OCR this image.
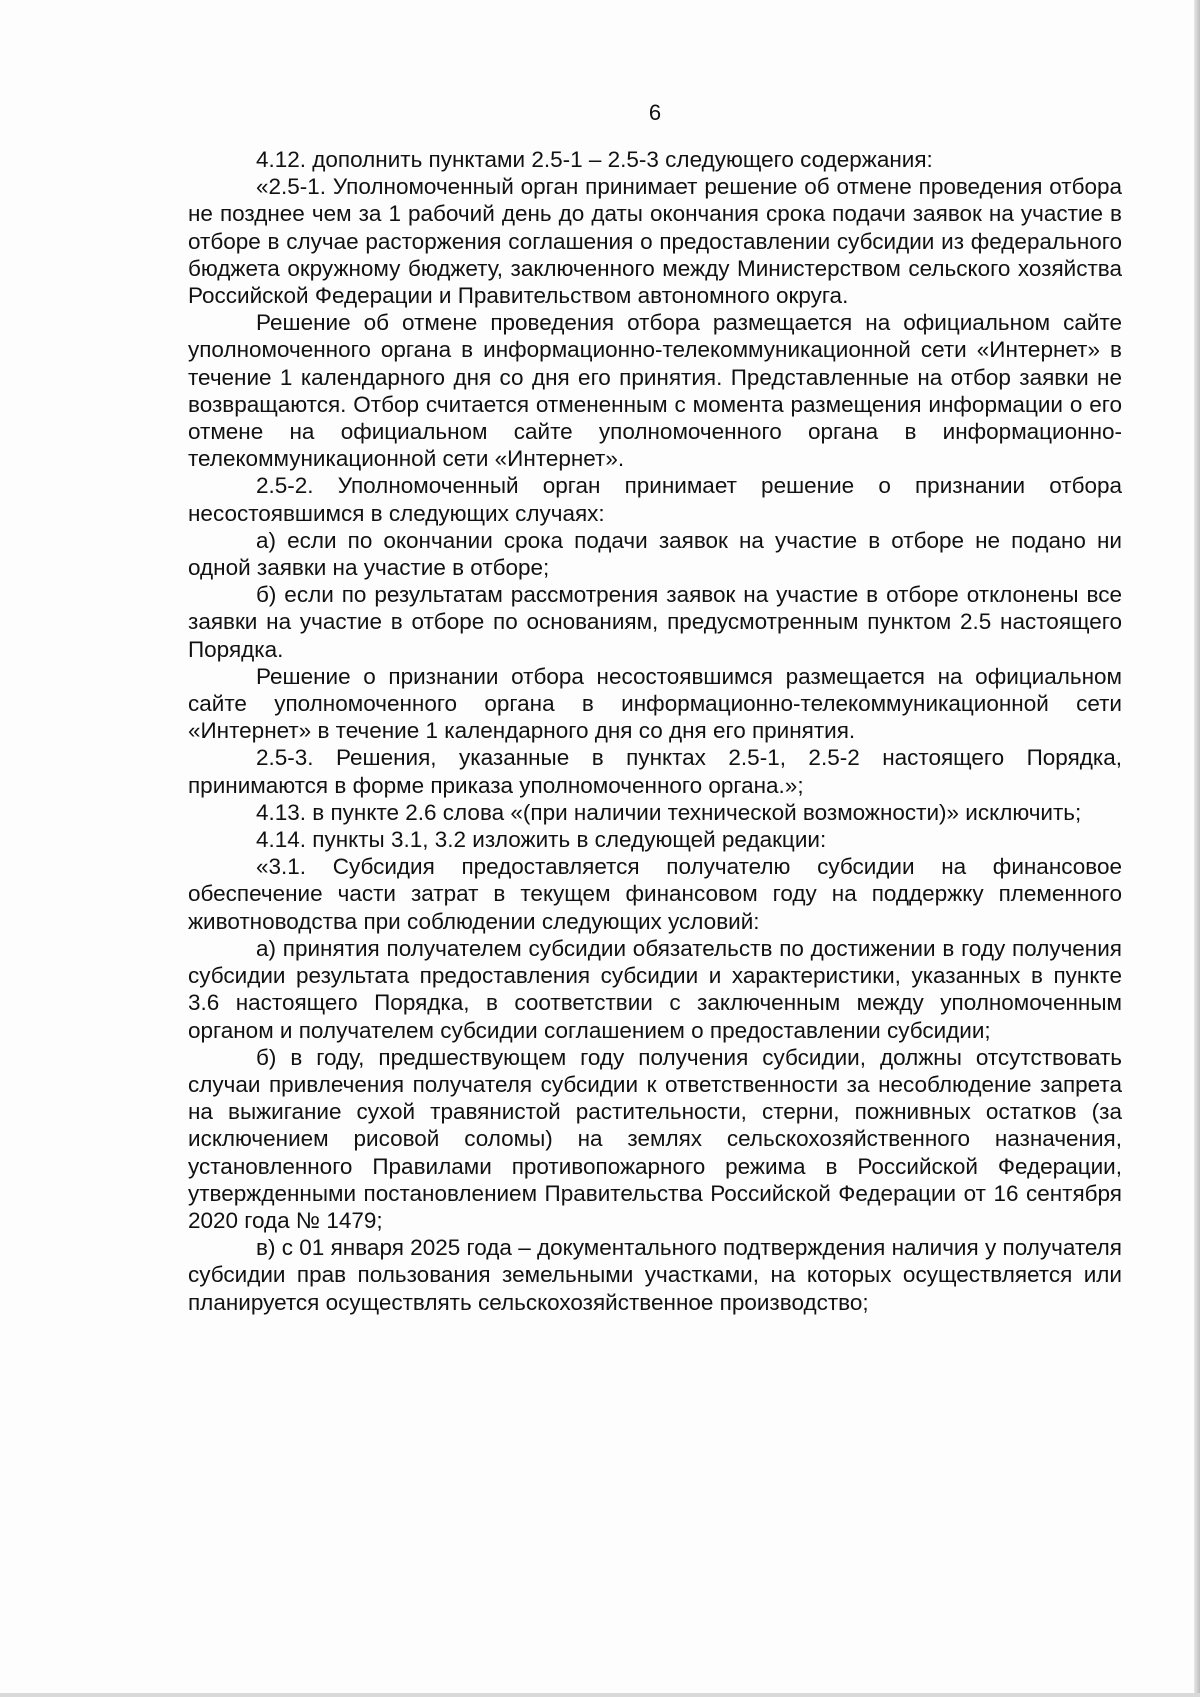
6

4.12. дополнить пунктами 2.5-1 – 2.5-3 следующего содержания:

«2.5-1. Уполномоченный орган принимает решение об отмене проведения отбора не позднее чем за 1 рабочий день до даты окончания срока подачи заявок на участие в отборе в случае расторжения соглашения о предоставлении субсидии из федерального бюджета окружному бюджету, заключенного между Министерством сельского хозяйства Российской Федерации и Правительством автономного округа.

Решение об отмене проведения отбора размещается на официальном сайте уполномоченного органа в информационно-телекоммуникационной сети «Интернет» в течение 1 календарного дня со дня его принятия. Представленные на отбор заявки не возвращаются. Отбор считается отмененным с момента размещения информации о его отмене на официальном сайте уполномоченного органа в информационно-телекоммуникационной сети «Интернет».

2.5-2. Уполномоченный орган принимает решение о признании отбора несостоявшимся в следующих случаях:

а) если по окончании срока подачи заявок на участие в отборе не подано ни одной заявки на участие в отборе;

б) если по результатам рассмотрения заявок на участие в отборе отклонены все заявки на участие в отборе по основаниям, предусмотренным пунктом 2.5 настоящего Порядка.

Решение о признании отбора несостоявшимся размещается на официальном сайте уполномоченного органа в информационно-телекоммуникационной сети «Интернет» в течение 1 календарного дня со дня его принятия.

2.5-3. Решения, указанные в пунктах 2.5-1, 2.5-2 настоящего Порядка, принимаются в форме приказа уполномоченного органа.»;

4.13. в пункте 2.6 слова «(при наличии технической возможности)» исключить;

4.14. пункты 3.1, 3.2 изложить в следующей редакции:

«3.1. Субсидия предоставляется получателю субсидии на финансовое обеспечение части затрат в текущем финансовом году на поддержку племенного животноводства при соблюдении следующих условий:

а) принятия получателем субсидии обязательств по достижении в году получения субсидии результата предоставления субсидии и характеристики, указанных в пункте 3.6 настоящего Порядка, в соответствии с заключенным между уполномоченным органом и получателем субсидии соглашением о предоставлении субсидии;

б) в году, предшествующем году получения субсидии, должны отсутствовать случаи привлечения получателя субсидии к ответственности за несоблюдение запрета на выжигание сухой травянистой растительности, стерни, пожнивных остатков (за исключением рисовой соломы) на землях сельскохозяйственного назначения, установленного Правилами противопожарного режима в Российской Федерации, утвержденными постановлением Правительства Российской Федерации от 16 сентября 2020 года № 1479;

в) с 01 января 2025 года – документального подтверждения наличия у получателя субсидии прав пользования земельными участками, на которых осуществляется или планируется осуществлять сельскохозяйственное производство;
